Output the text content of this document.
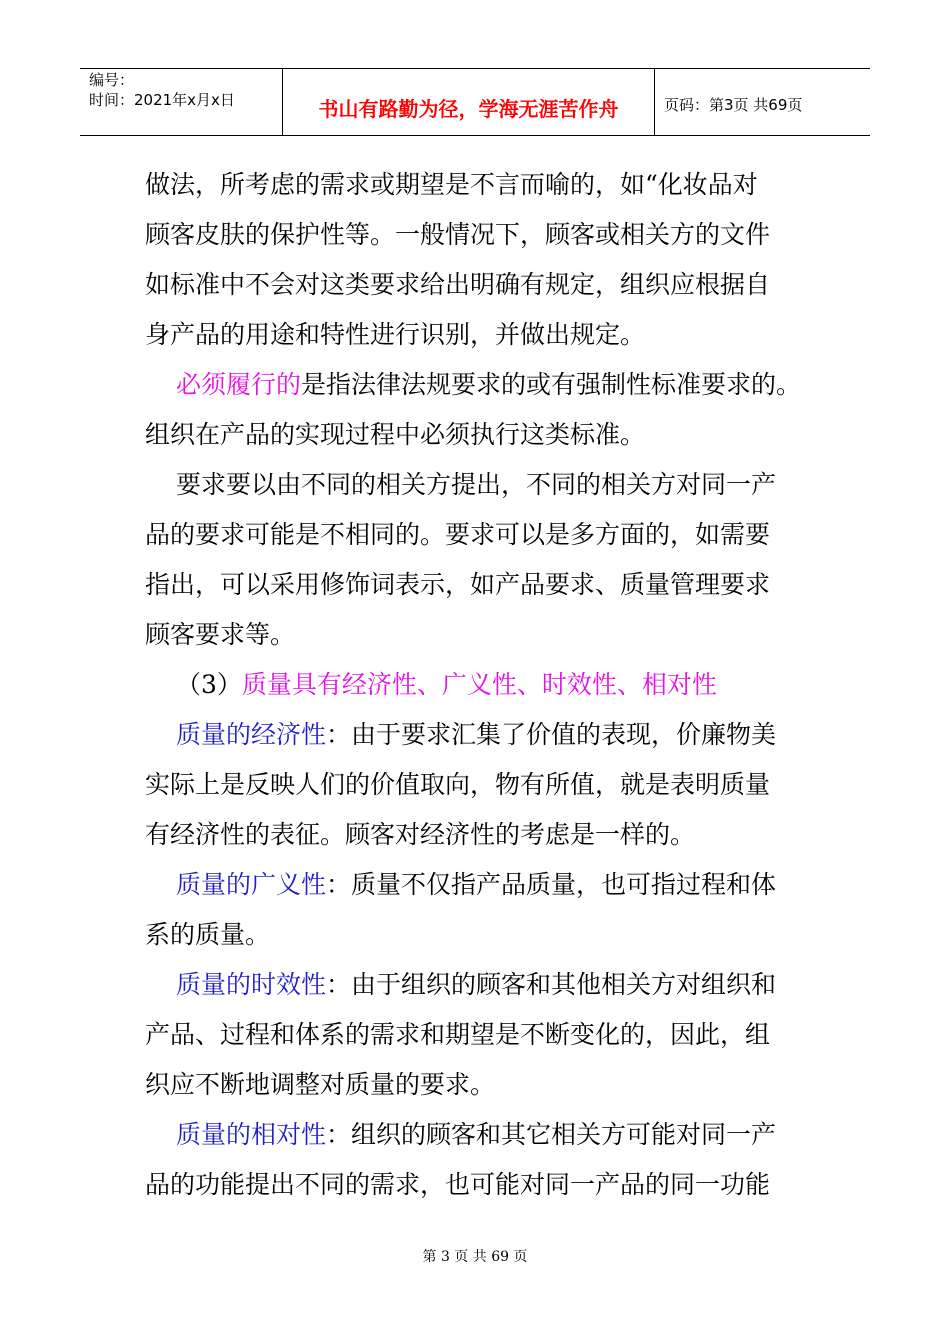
编号：
时间：2021年x月x日	书山有路勤为径，学海无涯苦作舟	页码：第3页 共69页
做法，所考虑的需求或期望是不言而喻的，如“化妆品对
顾客皮肤的保护性等。一般情况下，顾客或相关方的文件
如标准中不会对这类要求给出明确有规定，组织应根据自
身产品的用途和特性进行识别，并做出规定。
必须履行的是指法律法规要求的或有强制性标准要求的。
组织在产品的实现过程中必须执行这类标准。
要求要以由不同的相关方提出，不同的相关方对同一产
品的要求可能是不相同的。要求可以是多方面的，如需要
指出，可以采用修饰词表示，如产品要求、质量管理要求
顾客要求等。
（3）质量具有经济性、广义性、时效性、相对性
质量的经济性：由于要求汇集了价值的表现，价廉物美
实际上是反映人们的价值取向，物有所值，就是表明质量
有经济性的表征。顾客对经济性的考虑是一样的。
质量的广义性：质量不仅指产品质量，也可指过程和体
系的质量。
质量的时效性：由于组织的顾客和其他相关方对组织和
产品、过程和体系的需求和期望是不断变化的，因此，组
织应不断地调整对质量的要求。
质量的相对性：组织的顾客和其它相关方可能对同一产
品的功能提出不同的需求，也可能对同一产品的同一功能
第 3 页 共 69 页
